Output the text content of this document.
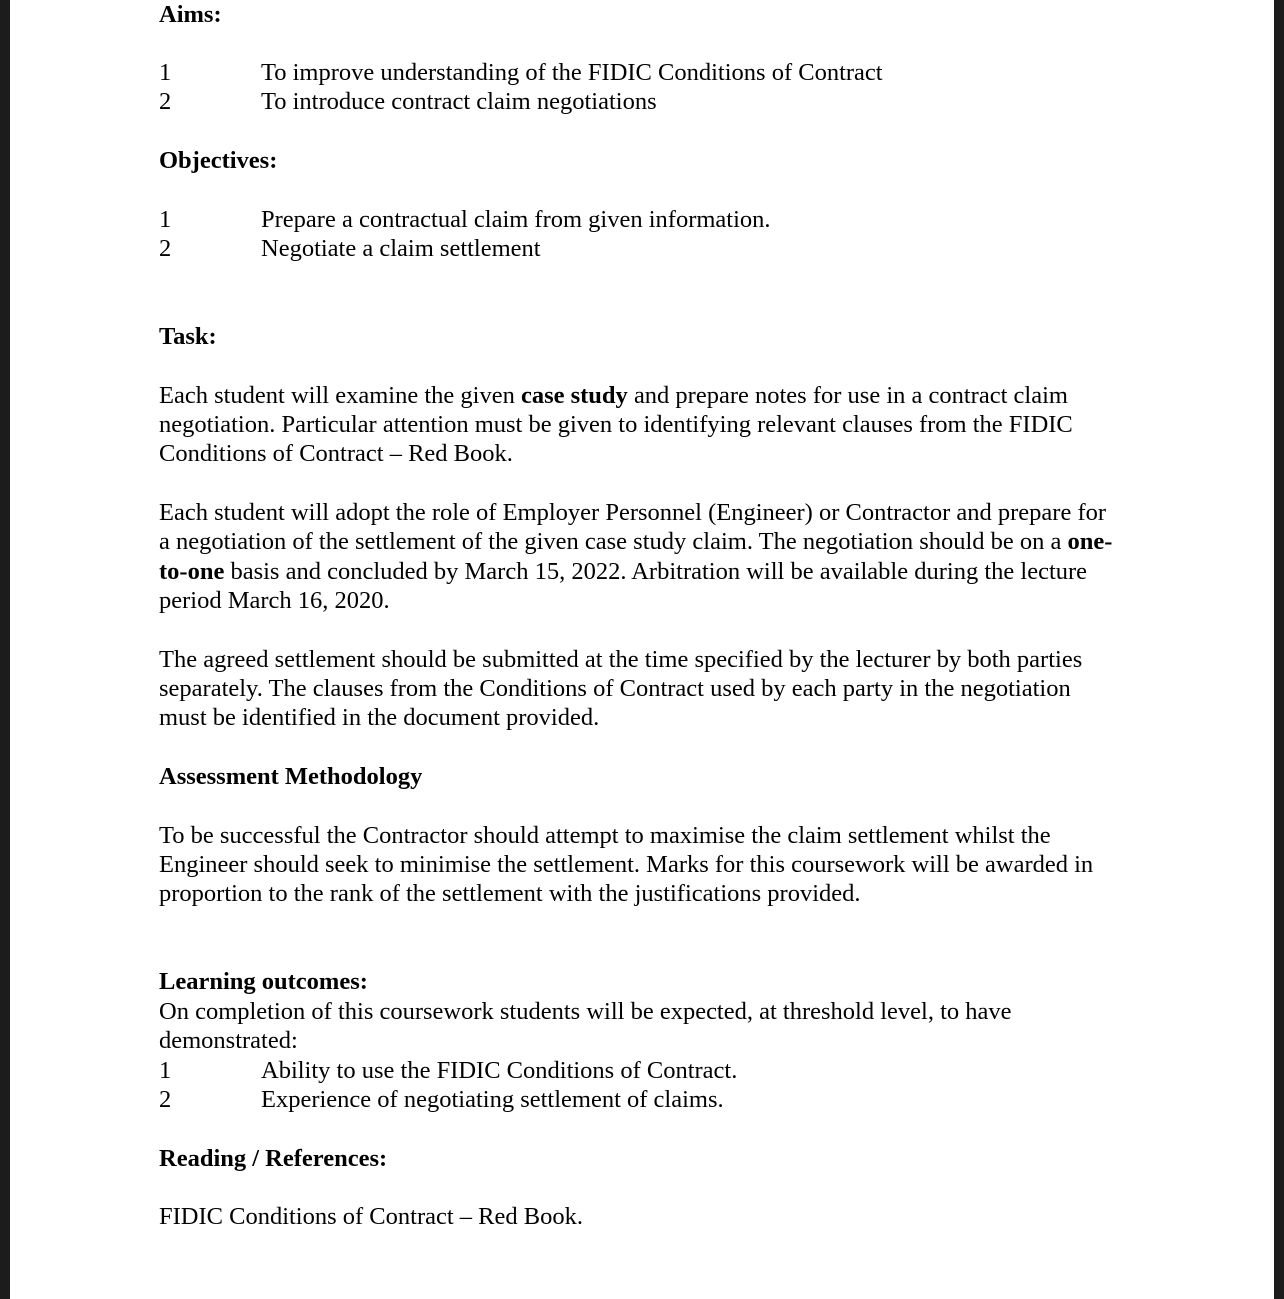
Aims:
1	To improve understanding of the FIDIC Conditions of Contract
2	To introduce contract claim negotiations
Objectives:
1	Prepare a contractual claim from given information.
2	Negotiate a claim settlement
Task:
Each student will examine the given case study and prepare notes for use in a contract claim
negotiation. Particular attention must be given to identifying relevant clauses from the FIDIC
Conditions of Contract – Red Book.
Each student will adopt the role of Employer Personnel (Engineer) or Contractor and prepare for
a negotiation of the settlement of the given case study claim. The negotiation should be on a one-
to-one basis and concluded by March 15, 2022. Arbitration will be available during the lecture
period March 16, 2020.
The agreed settlement should be submitted at the time specified by the lecturer by both parties
separately. The clauses from the Conditions of Contract used by each party in the negotiation
must be identified in the document provided.
Assessment Methodology
To be successful the Contractor should attempt to maximise the claim settlement whilst the
Engineer should seek to minimise the settlement. Marks for this coursework will be awarded in
proportion to the rank of the settlement with the justifications provided.
Learning outcomes:
On completion of this coursework students will be expected, at threshold level, to have
demonstrated:
1	Ability to use the FIDIC Conditions of Contract.
2	Experience of negotiating settlement of claims.
Reading / References:
FIDIC Conditions of Contract – Red Book.
